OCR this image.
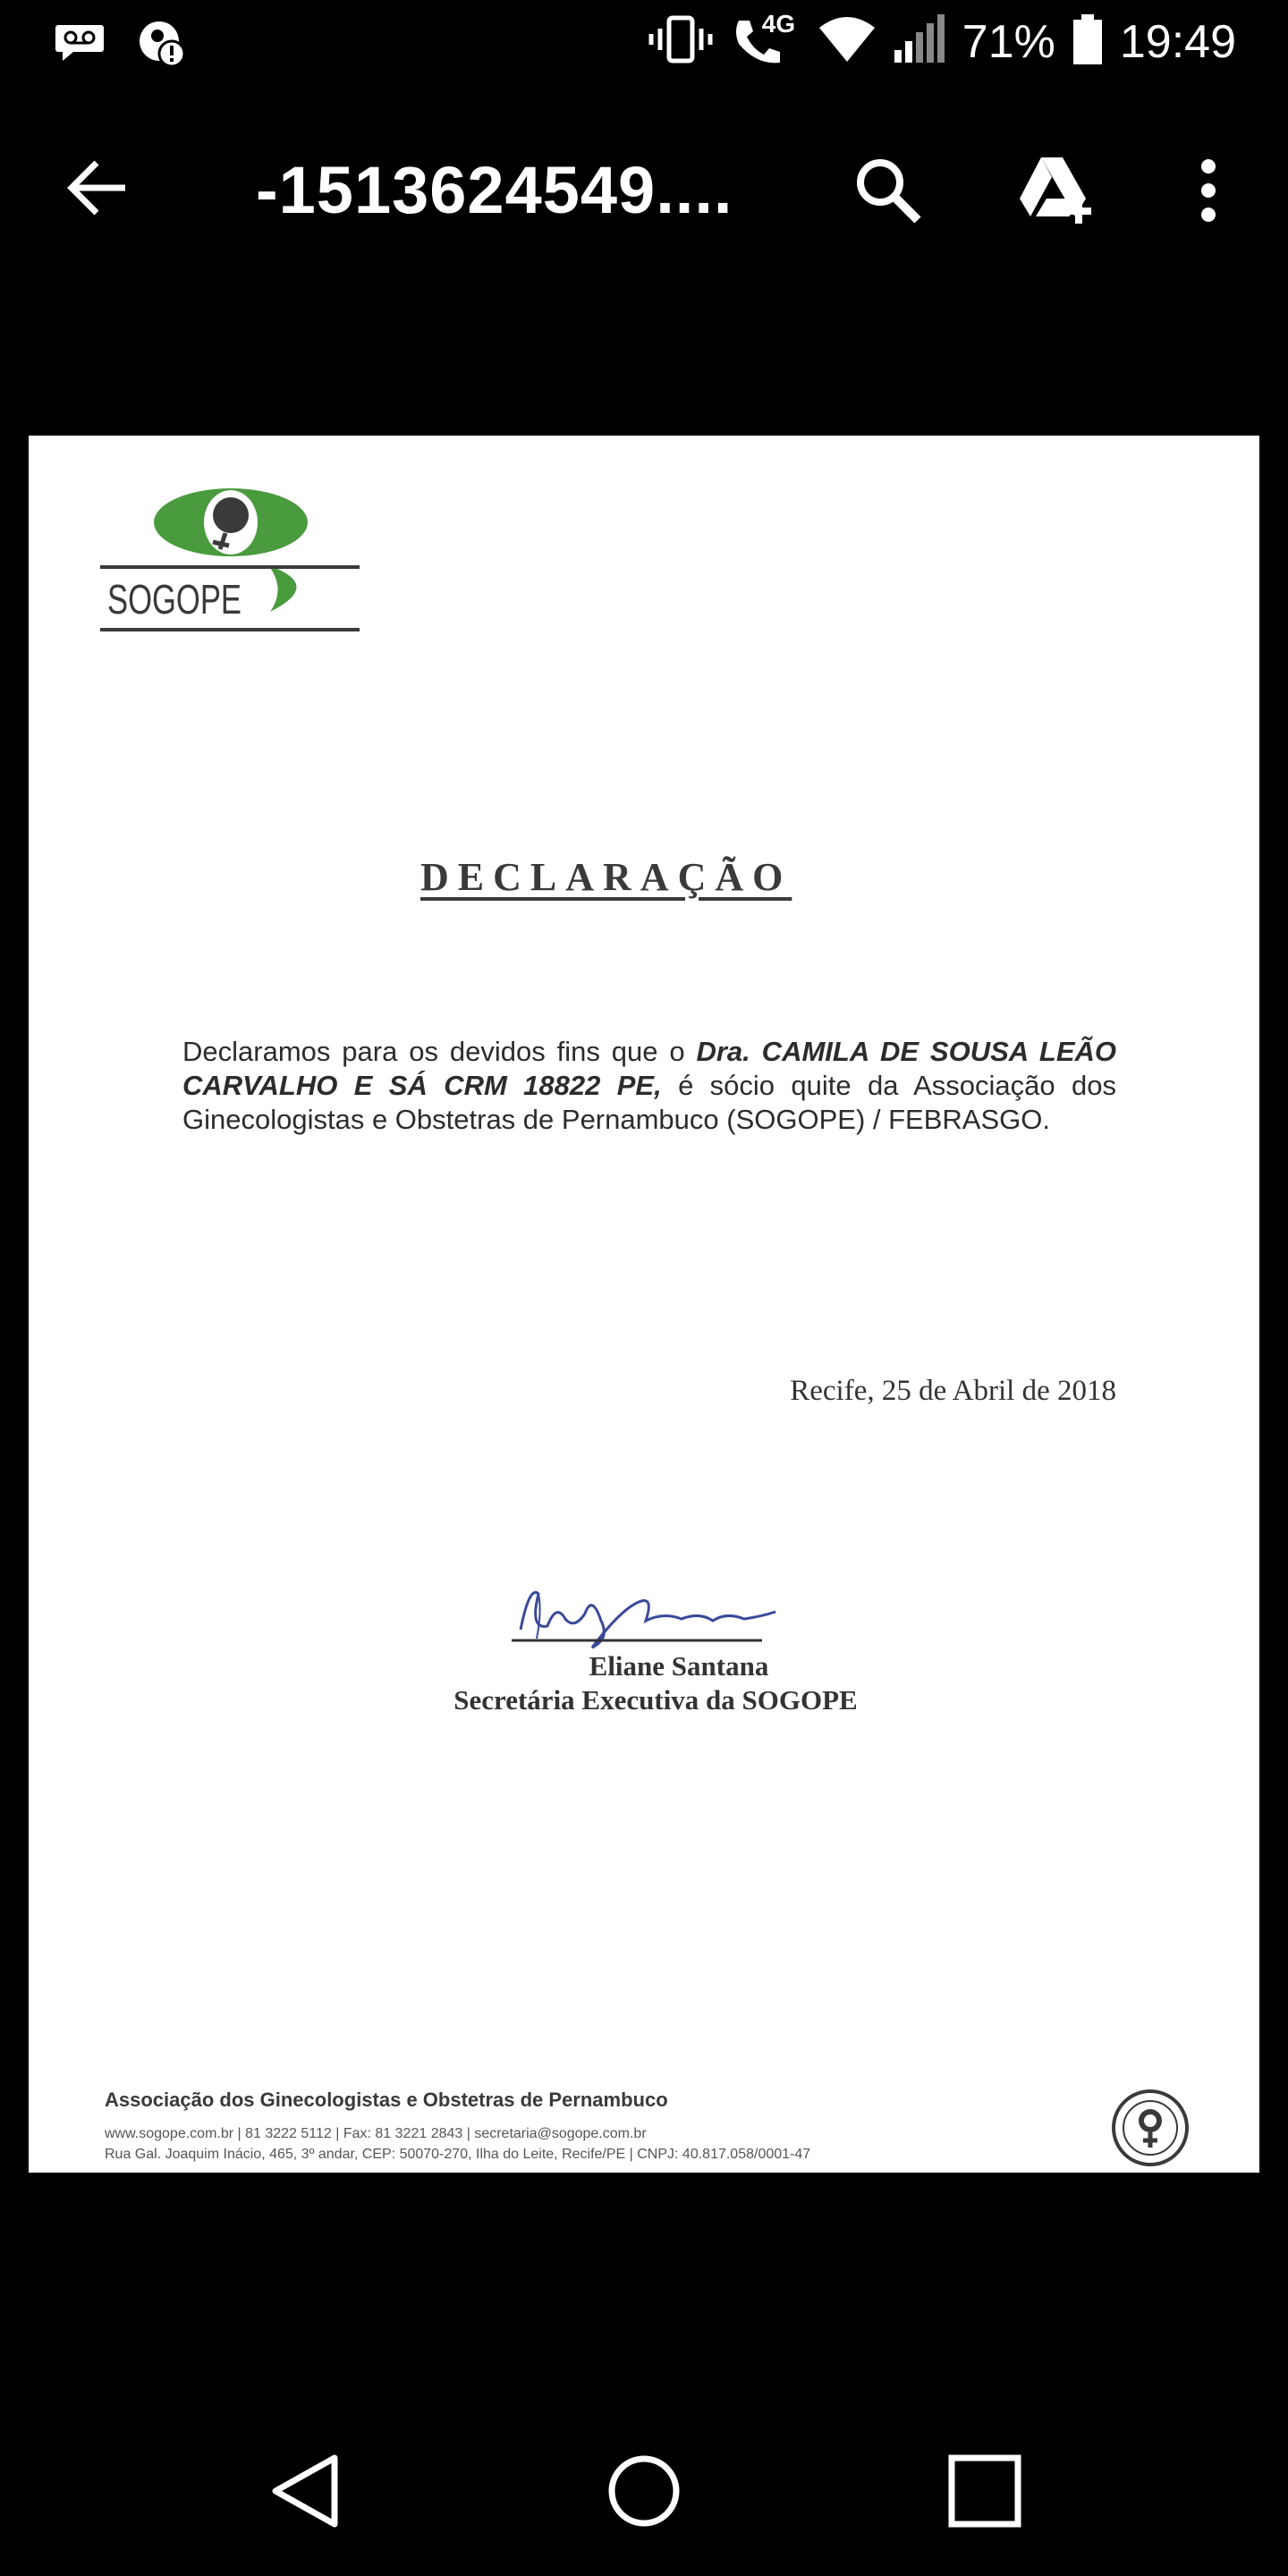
4G	71% 19:49
-1513624549....
SOGOPE
DECLARAÇÃO

Declaramos para os devidos fins que o Dra. CAMILA DE SOUSA LEÃO CARVALHO E SÁ CRM 18822 PE, é sócio quite da Associação dos Ginecologistas e Obstetras de Pernambuco (SOGOPE) / FEBRASGO.

Recife, 25 de Abril de 2018
Eliane Santana
Secretária Executiva da SOGOPE
Associação dos Ginecologistas e Obstetras de Pernambuco
www.sogope.com.br | 81 3222 5112 | Fax: 81 3221 2843 | secretaria@sogope.com.br
Rua Gal. Joaquim Inácio, 465, 3º andar, CEP: 50070-270, Ilha do Leite, Recife/PE | CNPJ: 40.817.058/0001-47
